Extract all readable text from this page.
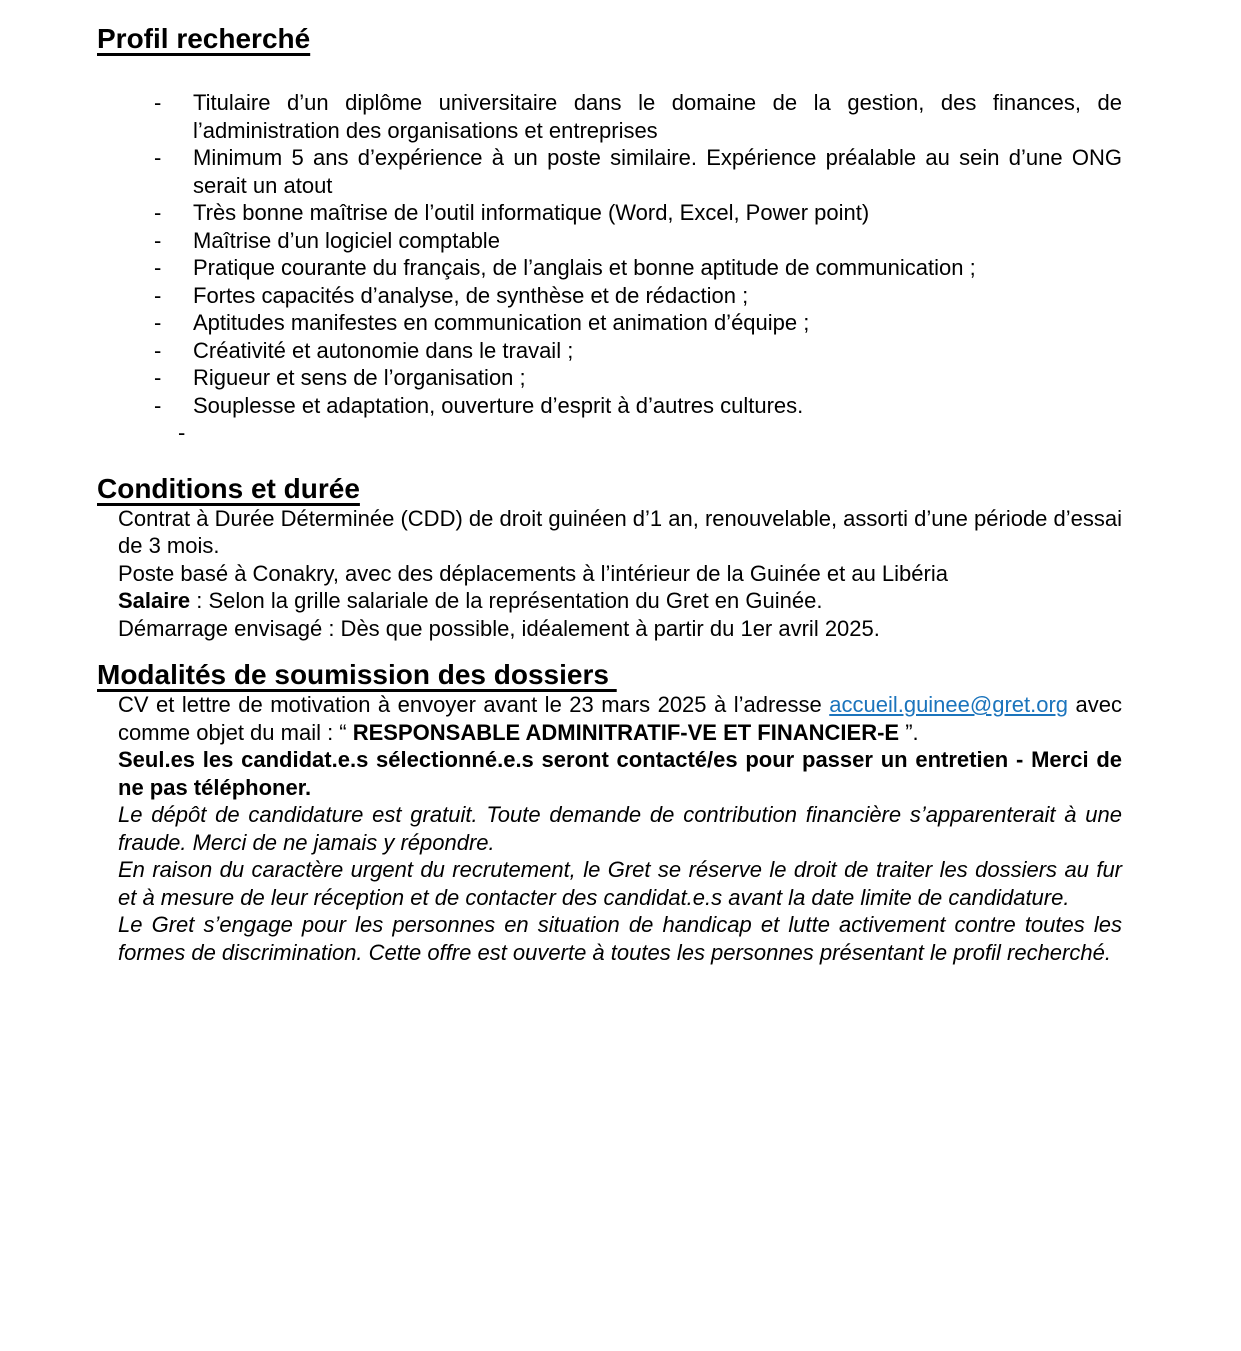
Profil recherché
- Titulaire d’un diplôme universitaire dans le domaine de la gestion, des finances, de l’administration des organisations et entreprises
- Minimum 5 ans d’expérience à un poste similaire. Expérience préalable au sein d’une ONG serait un atout
- Très bonne maîtrise de l’outil informatique (Word, Excel, Power point)
- Maîtrise d’un logiciel comptable
- Pratique courante du français, de l’anglais et bonne aptitude de communication ;
- Fortes capacités d’analyse, de synthèse et de rédaction ;
- Aptitudes manifestes en communication et animation d’équipe ;
- Créativité et autonomie dans le travail ;
- Rigueur et sens de l’organisation ;
- Souplesse et adaptation, ouverture d’esprit à d’autres cultures.
-
Conditions et durée

Contrat à Durée Déterminée (CDD) de droit guinéen d’1 an, renouvelable, assorti d’une période d’essai de 3 mois.

Poste basé à Conakry, avec des déplacements à l’intérieur de la Guinée et au Libéria

Salaire : Selon la grille salariale de la représentation du Gret en Guinée.

Démarrage envisagé : Dès que possible, idéalement à partir du 1er avril 2025.

Modalités de soumission des dossiers

CV et lettre de motivation à envoyer avant le 23 mars 2025 à l’adresse accueil.guinee@gret.org avec comme objet du mail : “ RESPONSABLE ADMINITRATIF-VE ET FINANCIER-E ”.

Seul.es les candidat.e.s sélectionné.e.s seront contacté/es pour passer un entretien - Merci de ne pas téléphoner.

Le dépôt de candidature est gratuit. Toute demande de contribution financière s’apparenterait à une fraude. Merci de ne jamais y répondre.

En raison du caractère urgent du recrutement, le Gret se réserve le droit de traiter les dossiers au fur et à mesure de leur réception et de contacter des candidat.e.s avant la date limite de candidature.

Le Gret s’engage pour les personnes en situation de handicap et lutte activement contre toutes les formes de discrimination. Cette offre est ouverte à toutes les personnes présentant le profil recherché.
